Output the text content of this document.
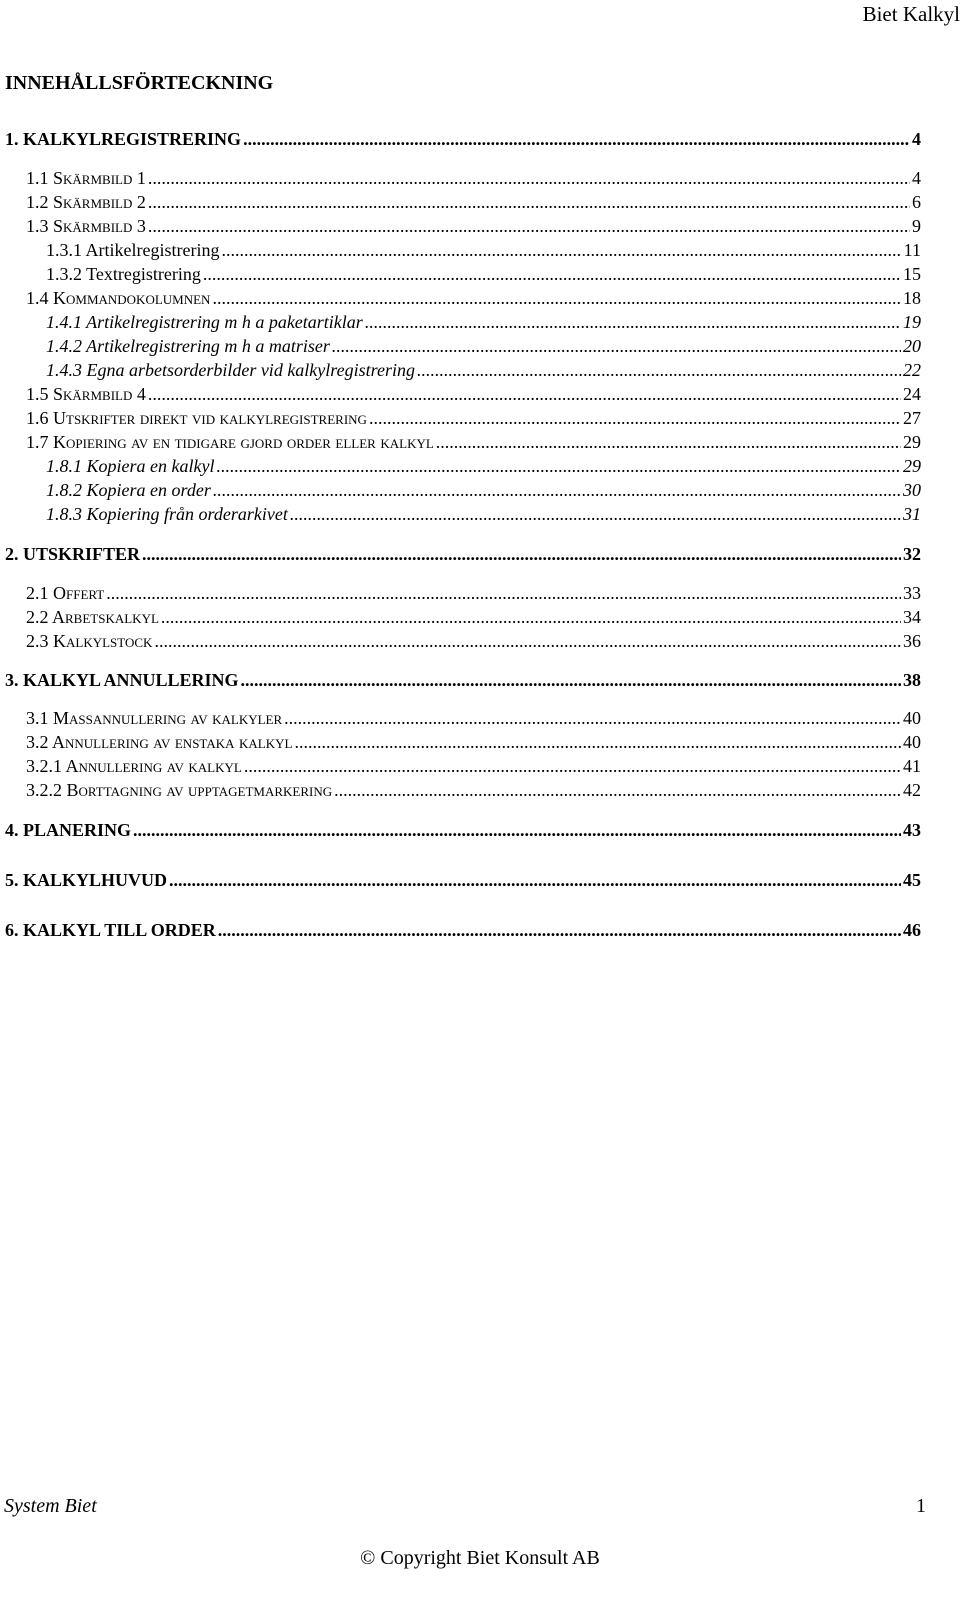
Biet Kalkyl
INNEHÅLLSFÖRTECKNING
1. KALKYLREGISTRERING .....	4
1.1 Skärmbild 1 .....	4
1.2 Skärmbild 2 .....	6
1.3 Skärmbild 3 .....	9
1.3.1 Artikelregistrering .....	11
1.3.2 Textregistrering .....	15
1.4 Kommandokolumnen .....	18
1.4.1 Artikelregistrering m h a paketartiklar .....	19
1.4.2 Artikelregistrering m h a matriser .....	20
1.4.3 Egna arbetsorderbilder vid kalkylregistrering .....	22
1.5 Skärmbild 4 .....	24
1.6 Utskrifter direkt vid kalkylregistrering .....	27
1.7 Kopiering av en tidigare gjord order eller kalkyl .....	29
1.8.1 Kopiera en kalkyl .....	29
1.8.2 Kopiera en order .....	30
1.8.3 Kopiering från orderarkivet .....	31
2. UTSKRIFTER .....	32
2.1 Offert .....	33
2.2 Arbetskalkyl .....	34
2.3 Kalkylstock .....	36
3. KALKYL ANNULLERING .....	38
3.1 Massannullering av kalkyler .....	40
3.2 Annullering av enstaka kalkyl .....	40
3.2.1 Annullering av kalkyl .....	41
3.2.2 Borttagning av upptagetmarkering .....	42
4. PLANERING .....	43
5. KALKYLHUVUD .....	45
6. KALKYL TILL ORDER .....	46
System Biet	1
© Copyright Biet Konsult AB
